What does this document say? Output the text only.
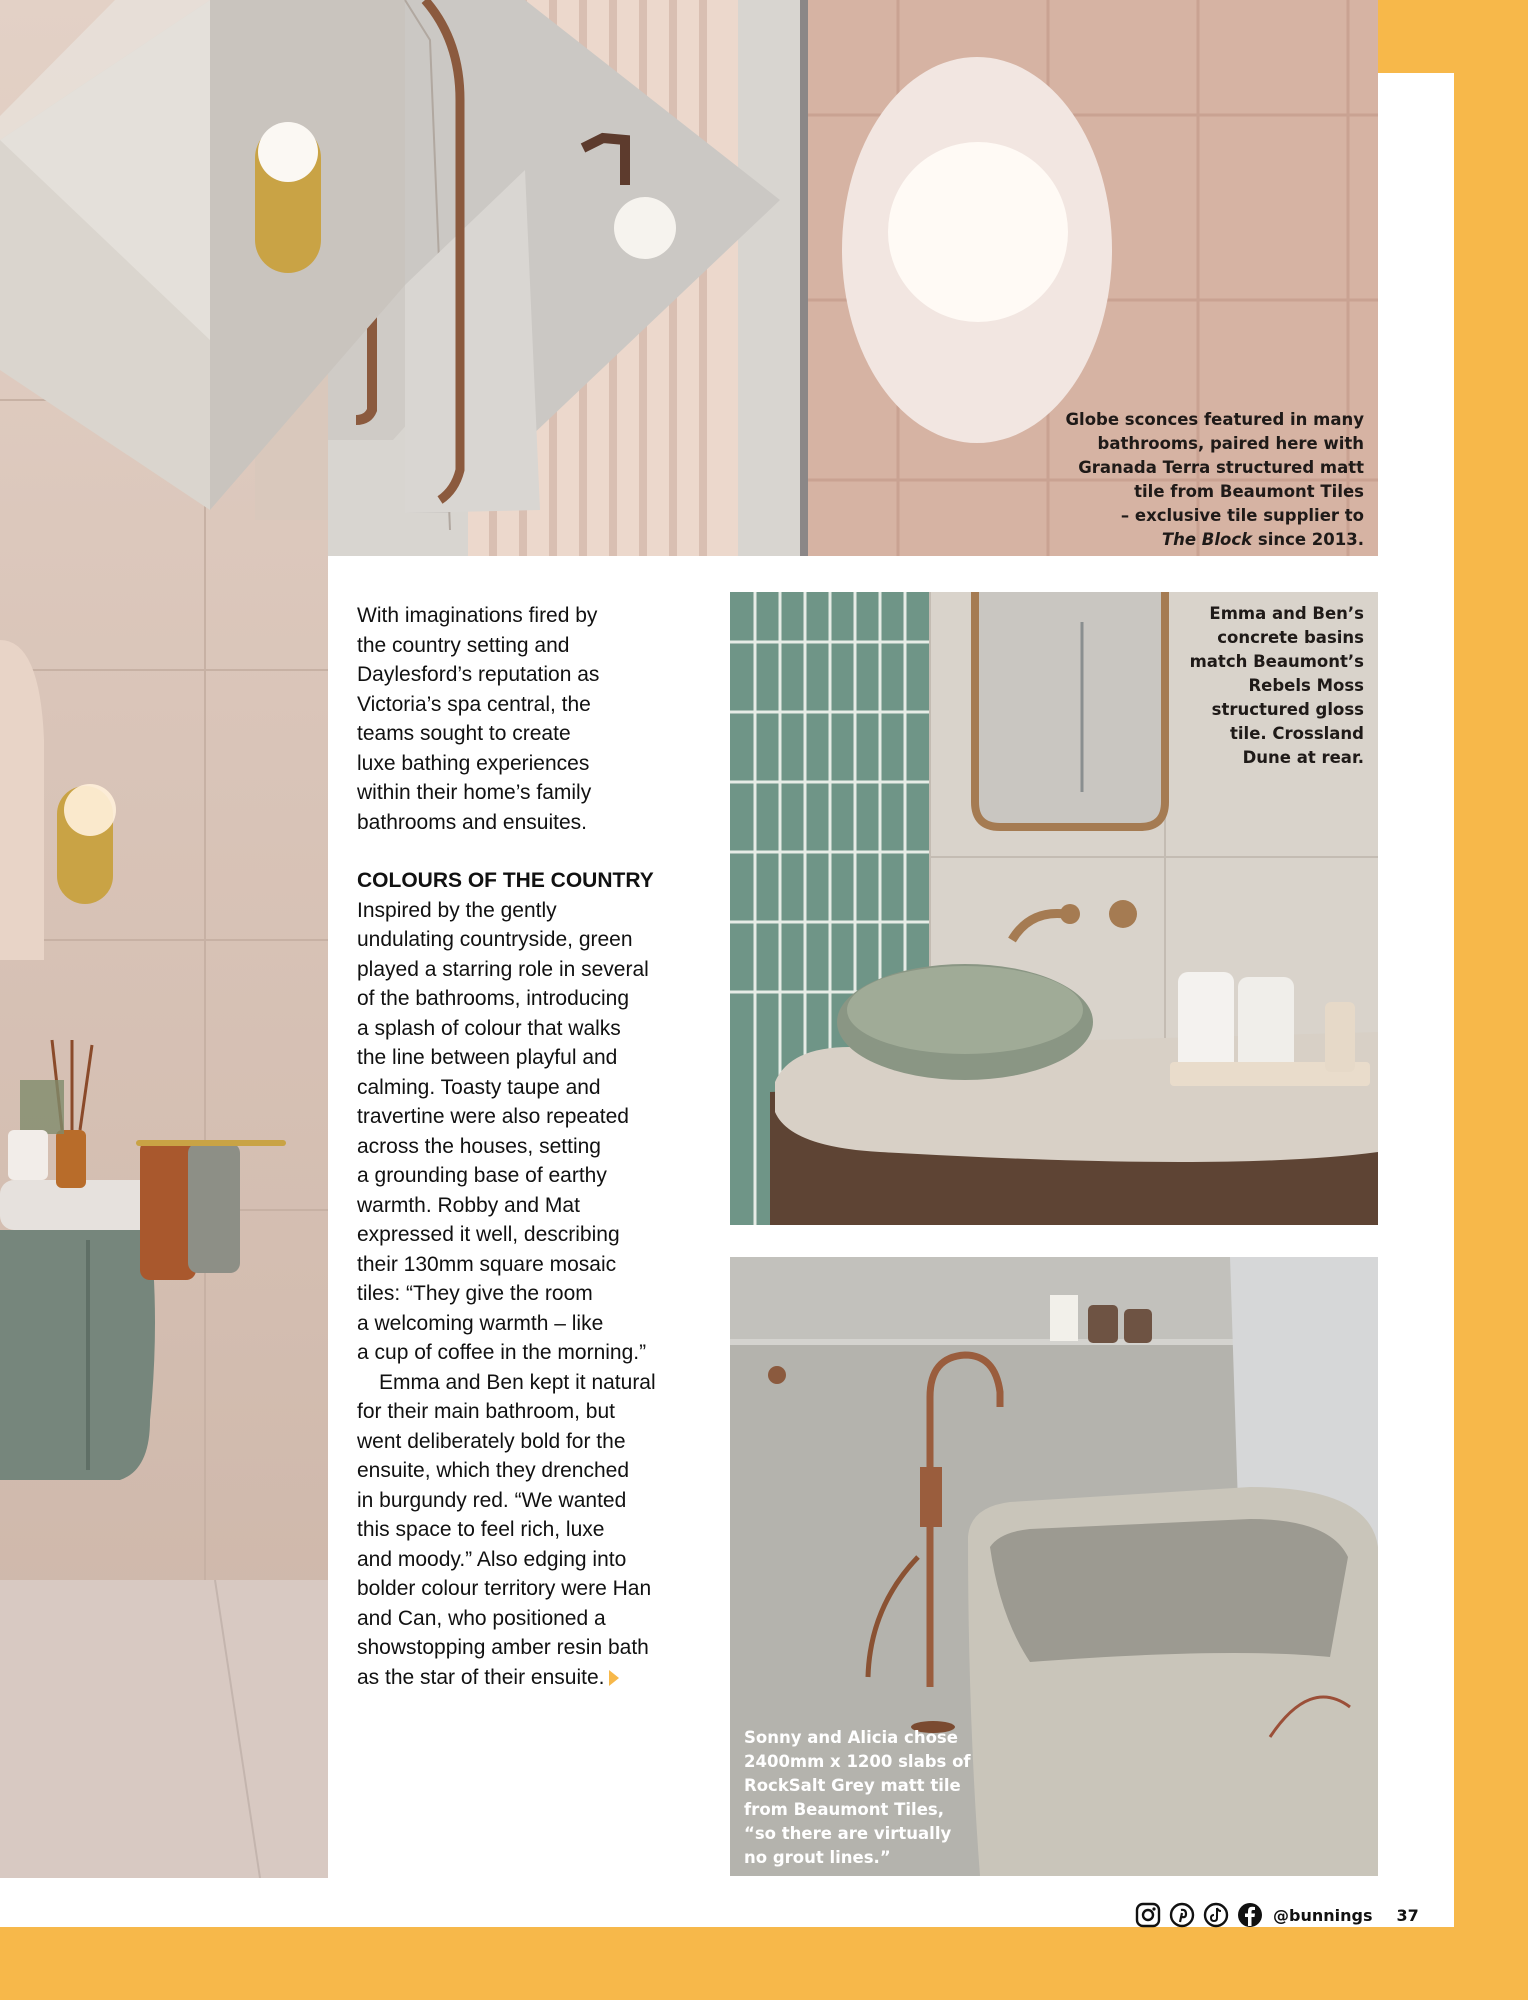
Globe sconces featured in many
bathrooms, paired here with
Granada Terra structured matt
tile from Beaumont Tiles
– exclusive tile supplier to
The Block since 2013.

With imaginations fired by
the country setting and
Daylesford’s reputation as
Victoria’s spa central, the
teams sought to create
luxe bathing experiences
within their home’s family
bathrooms and ensuites.

COLOURS OF THE COUNTRY

Inspired by the gently
undulating countryside, green
played a starring role in several
of the bathrooms, introducing
a splash of colour that walks
the line between playful and
calming. Toasty taupe and
travertine were also repeated
across the houses, setting
a grounding base of earthy
warmth. Robby and Mat
expressed it well, describing
their 130mm square mosaic
tiles: “They give the room
a welcoming warmth – like
a cup of coffee in the morning.”

Emma and Ben kept it natural
for their main bathroom, but
went deliberately bold for the
ensuite, which they drenched
in burgundy red. “We wanted
this space to feel rich, luxe
and moody.” Also edging into
bolder colour territory were Han
and Can, who positioned a
showstopping amber resin bath
as the star of their ensuite.

Emma and Ben’s
concrete basins
match Beaumont’s
Rebels Moss
structured gloss
tile. Crossland
Dune at rear.
Sonny and Alicia chose
2400mm x 1200 slabs of
RockSalt Grey matt tile
from Beaumont Tiles,
“so there are virtually
no grout lines.”
@bunnings 37
